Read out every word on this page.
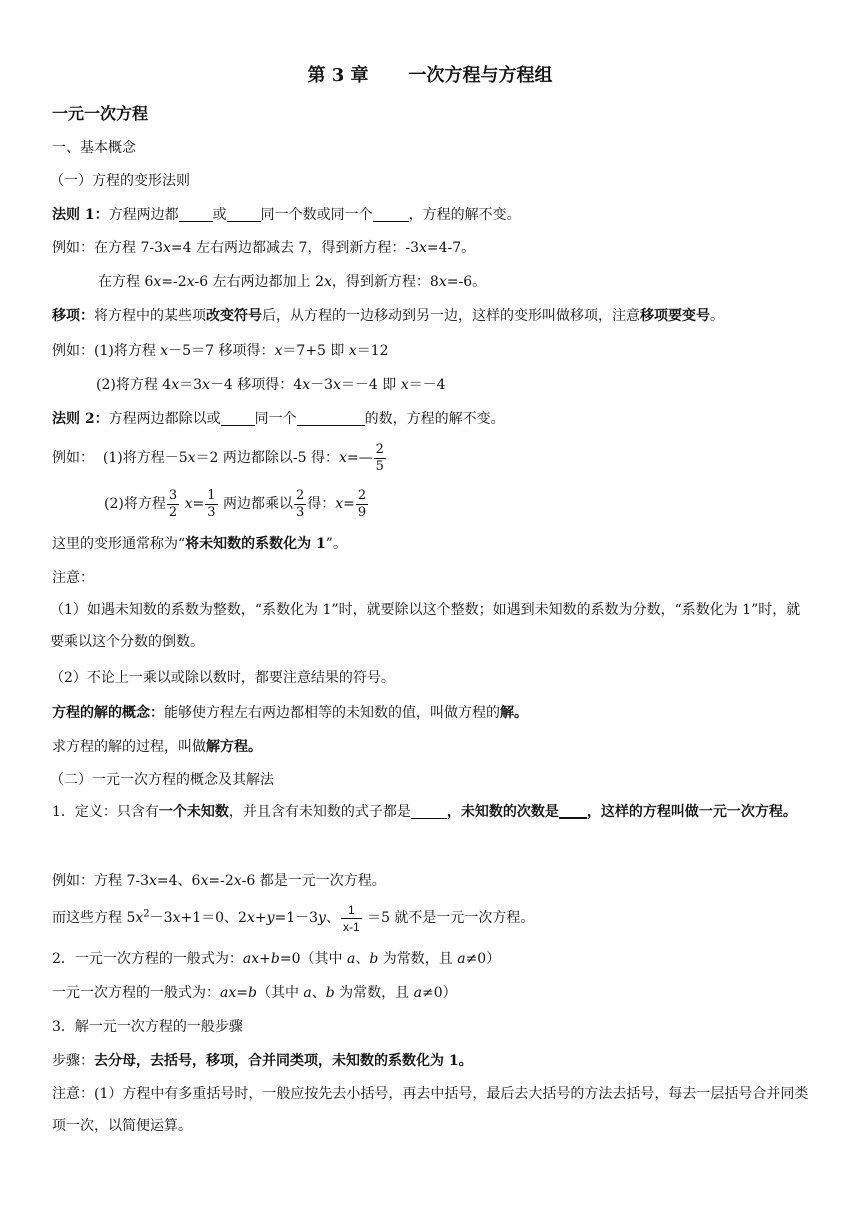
第 3 章 一次方程与方程组
一元一次方程
一、基本概念
（一）方程的变形法则
法则 1：方程两边都 或 同一个数或同一个	，方程的解不变。
例如：在方程 7-3x=4 左右两边都减去 7，得到新方程：-3x=4-7。
在方程 6x=-2x-6 左右两边都加上 2x，得到新方程：8x=-6。
移项：将方程中的某些项改变符号后，从方程的一边移动到另一边，这样的变形叫做移项，注意移项要变号。
例如：(1)将方程 x－5＝7 移项得：x＝7+5 即 x＝12
(2)将方程 4x＝3x－4 移项得：4x－3x＝－4 即 x＝－4
法则 2：方程两边都除以或 同一个	的数，方程的解不变。
例如： (1)将方程－5x＝2 两边都除以-5 得：x=— $\frac{2}{5}$
(2)将方程 $\frac{3}{2} x= \frac{1}{3}$ 两边都乘以 $\frac{2}{3}$ 得：$x= \frac{2}{9}$
这里的变形通常称为“将未知数的系数化为 1”。
注意：
（1）如遇未知数的系数为整数，“系数化为 1”时，就要除以这个整数；如遇到未知数的系数为分数，“系数化为 1”时，就要乘以这个分数的倒数。
（2）不论上一乘以或除以数时，都要注意结果的符号。
方程的解的概念：能够使方程左右两边都相等的未知数的值，叫做方程的解。
求方程的解的过程，叫做解方程。
（二）一元一次方程的概念及其解法
1．定义：只含有一个未知数，并且含有未知数的式子都是	，未知数的次数是 ，这样的方程叫做一元一次方程。
例如：方程 7-3x=4、6x=-2x-6 都是一元一次方程。
而这些方程 $5x^2-3x+1=0$、2x+y=1－3y、 $\frac{1}{x-1} =5$ 就不是一元一次方程。
2．一元一次方程的一般式为：ax+b=0（其中 a、b 为常数，且 a≠0）
一元一次方程的一般式为：ax=b（其中 a、b 为常数，且 a≠0）
3．解一元一次方程的一般步骤
步骤：去分母，去括号，移项，合并同类项，未知数的系数化为 1。
注意：(1）方程中有多重括号时，一般应按先去小括号，再去中括号，最后去大括号的方法去括号，每去一层括号合并同类项一次，以简便运算。
